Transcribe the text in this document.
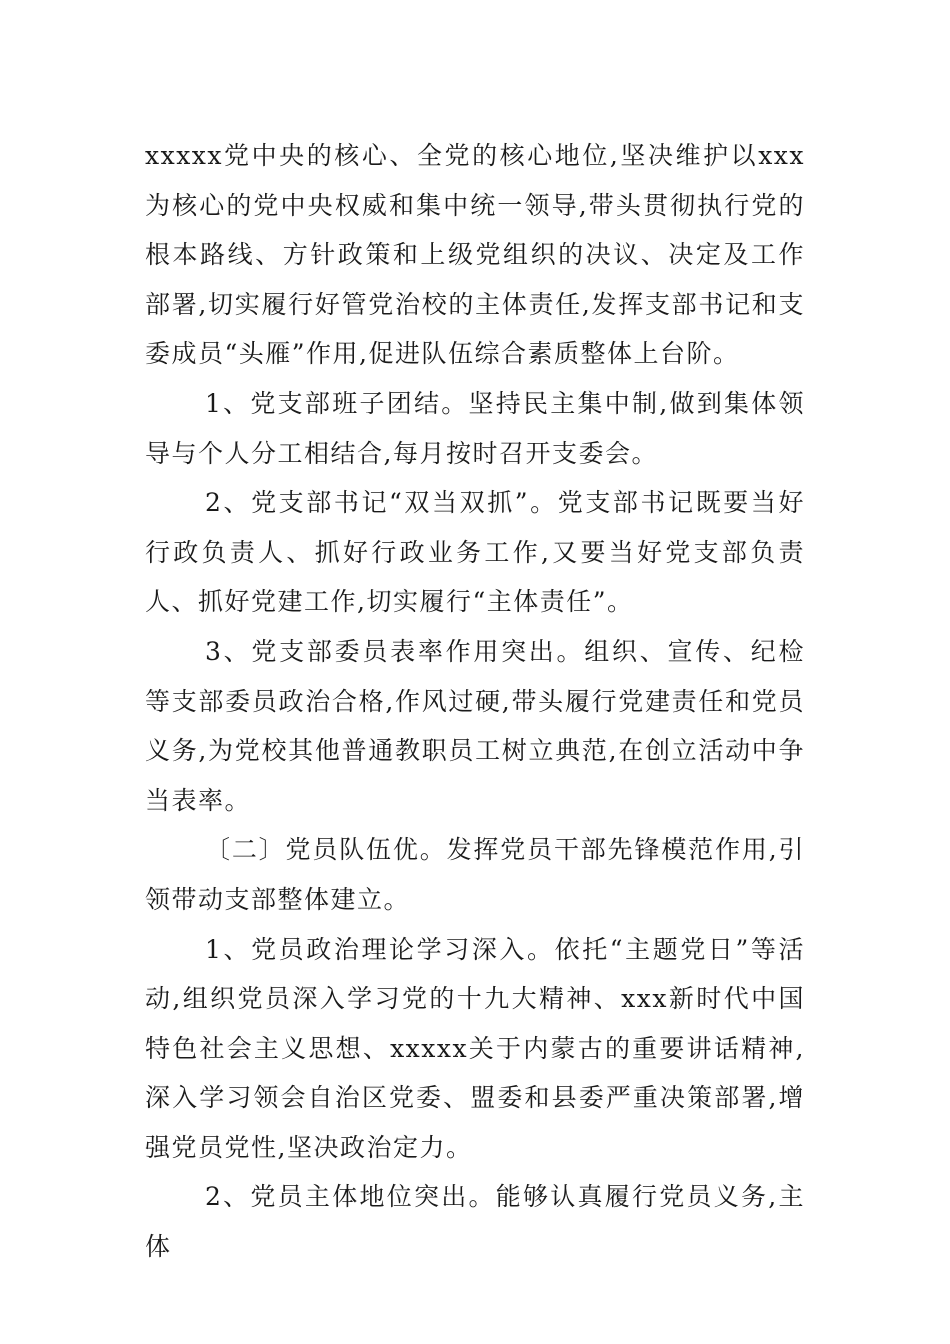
xxxxx党中央的核心、全党的核心地位,坚决维护以xxx为核心的党中央权威和集中统一领导,带头贯彻执行党的根本路线、方针政策和上级党组织的决议、决定及工作部署,切实履行好管党治校的主体责任,发挥支部书记和支委成员“头雁”作用,促进队伍综合素质整体上台阶。

1、党支部班子团结。坚持民主集中制,做到集体领导与个人分工相结合,每月按时召开支委会。

2、党支部书记“双当双抓”。党支部书记既要当好行政负责人、抓好行政业务工作,又要当好党支部负责人、抓好党建工作,切实履行“主体责任”。

3、党支部委员表率作用突出。组织、宣传、纪检等支部委员政治合格,作风过硬,带头履行党建责任和党员义务,为党校其他普通教职员工树立典范,在创立活动中争当表率。

〔二〕党员队伍优。发挥党员干部先锋模范作用,引领带动支部整体建立。

1、党员政治理论学习深入。依托“主题党日”等活动,组织党员深入学习党的十九大精神、xxx新时代中国特色社会主义思想、xxxxx关于内蒙古的重要讲话精神,深入学习领会自治区党委、盟委和县委严重决策部署,增强党员党性,坚决政治定力。

2、党员主体地位突出。能够认真履行党员义务,主体
